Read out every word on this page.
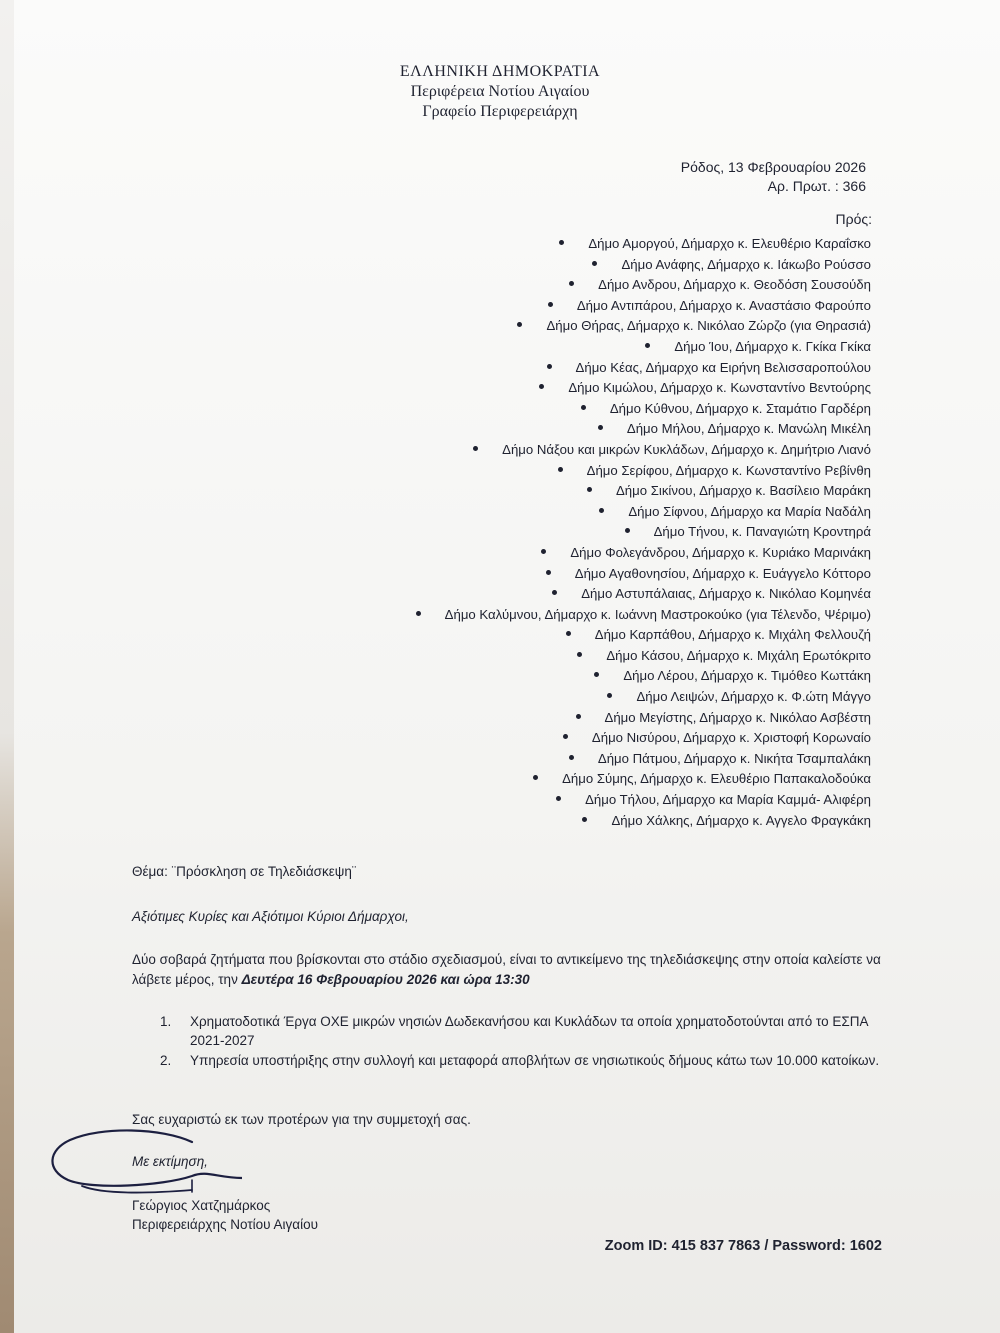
ΕΛΛΗΝΙΚΗ ΔΗΜΟΚΡΑΤΙΑ
Περιφέρεια Νοτίου Αιγαίου
Γραφείο Περιφερειάρχη
Ρόδος, 13 Φεβρουαρίου 2026
Αρ. Πρωτ. : 366
Πρός:
Δήμο Αμοργού, Δήμαρχο κ. Ελευθέριο Καραΐσκο
Δήμο Ανάφης, Δήμαρχο κ. Ιάκωβο Ρούσσο
Δήμο Ανδρου, Δήμαρχο κ. Θεοδόση Σουσούδη
Δήμο Αντιπάρου, Δήμαρχο κ. Αναστάσιο Φαρούπο
Δήμο Θήρας, Δήμαρχο κ. Νικόλαο Ζώρζο (για Θηρασιά)
Δήμο Ίου, Δήμαρχο κ. Γκίκα Γκίκα
Δήμο Κέας, Δήμαρχο κα Ειρήνη Βελισσαροπούλου
Δήμο Κιμώλου, Δήμαρχο κ. Κωνσταντίνο Βεντούρης
Δήμο Κύθνου, Δήμαρχο κ. Σταμάτιο Γαρδέρη
Δήμο Μήλου, Δήμαρχο κ. Μανώλη Μικέλη
Δήμο Νάξου και μικρών Κυκλάδων, Δήμαρχο κ. Δημήτριο Λιανό
Δήμο Σερίφου, Δήμαρχο κ. Κωνσταντίνο Ρεβίνθη
Δήμο Σικίνου, Δήμαρχο κ. Βασίλειο Μαράκη
Δήμο Σίφνου, Δήμαρχο κα Μαρία Ναδάλη
Δήμο Τήνου, κ. Παναγιώτη Κροντηρά
Δήμο Φολεγάνδρου, Δήμαρχο κ. Κυριάκο Μαρινάκη
Δήμο Αγαθονησίου, Δήμαρχο κ. Ευάγγελο Κόττορο
Δήμο Αστυπάλαιας, Δήμαρχο κ. Νικόλαο Κομηνέα
Δήμο Καλύμνου, Δήμαρχο κ. Ιωάννη Μαστροκούκο (για Τέλενδο, Ψέριμο)
Δήμο Καρπάθου, Δήμαρχο κ. Μιχάλη Φελλουζή
Δήμο Κάσου, Δήμαρχο κ. Μιχάλη Ερωτόκριτο
Δήμο Λέρου, Δήμαρχο κ. Τιμόθεο Κωττάκη
Δήμο Λειψών, Δήμαρχο κ. Φ.ώτη Μάγγο
Δήμο Μεγίστης, Δήμαρχο κ. Νικόλαο Ασβέστη
Δήμο Νισύρου, Δήμαρχο κ. Χριστοφή Κορωναίο
Δήμο Πάτμου, Δήμαρχο κ. Νικήτα Τσαμπαλάκη
Δήμο Σύμης, Δήμαρχο κ. Ελευθέριο Παπακαλοδούκα
Δήμο Τήλου, Δήμαρχο κα Μαρία Καμμά- Αλιφέρη
Δήμο Χάλκης, Δήμαρχο κ. Αγγελο Φραγκάκη
Θέμα: ¨Πρόσκληση σε Τηλεδιάσκεψη¨
Αξιότιμες Κυρίες και Αξιότιμοι Κύριοι Δήμαρχοι,
Δύο σοβαρά ζητήματα που βρίσκονται στο στάδιο σχεδιασμού, είναι το αντικείμενο της τηλεδιάσκεψης στην οποία καλείστε να λάβετε μέρος, την Δευτέρα 16 Φεβρουαρίου 2026 και ώρα 13:30
1. Χρηματοδοτικά Έργα ΟΧΕ μικρών νησιών Δωδεκανήσου και Κυκλάδων τα οποία χρηματοδοτούνται από το ΕΣΠΑ 2021-2027
2. Υπηρεσία υποστήριξης στην συλλογή και μεταφορά αποβλήτων σε νησιωτικούς δήμους κάτω των 10.000 κατοίκων.
Σας ευχαριστώ εκ των προτέρων για την συμμετοχή σας.
Με εκτίμηση,
Γεώργιος Χατζημάρκος
Περιφερειάρχης Νοτίου Αιγαίου
Zoom ID: 415 837 7863 / Password: 1602
